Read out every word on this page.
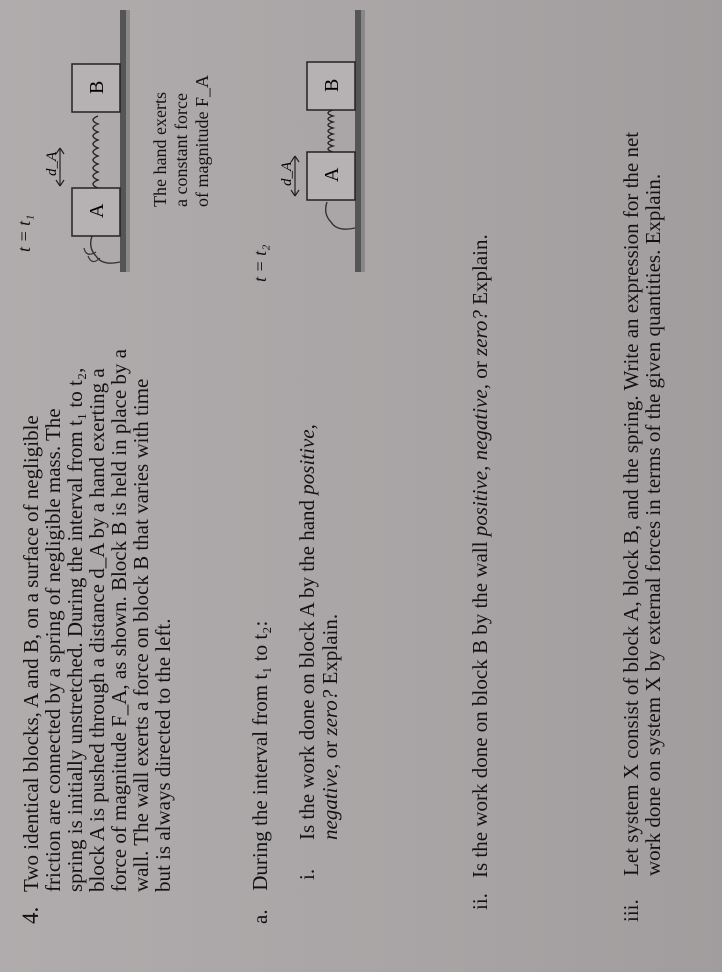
4.
Two identical blocks, A and B, on a surface of negligible
friction are connected by a spring of negligible mass. The
spring is initially unstretched. During the interval from t₁ to t₂,
block A is pushed through a distance d_A by a hand exerting a
force of magnitude F_A, as shown. Block B is held in place by a
wall. The wall exerts a force on block B that varies with time
but is always directed to the left.
a. During the interval from t₁ to t₂: i.
Is the work done on block A by the hand positive,
negative, or zero? Explain.
ii.Is the work done on block B by the wall positive, negative, or zero? Explain.
iii.
Let system X consist of block A, block B, and the spring. Write an expression for the net
work done on system X by external forces in terms of the given quantities. Explain.
t = t₁
t = t₂
The hand exerts a constant force of magnitude F_A
A
B
d_A	A
B
d_A
